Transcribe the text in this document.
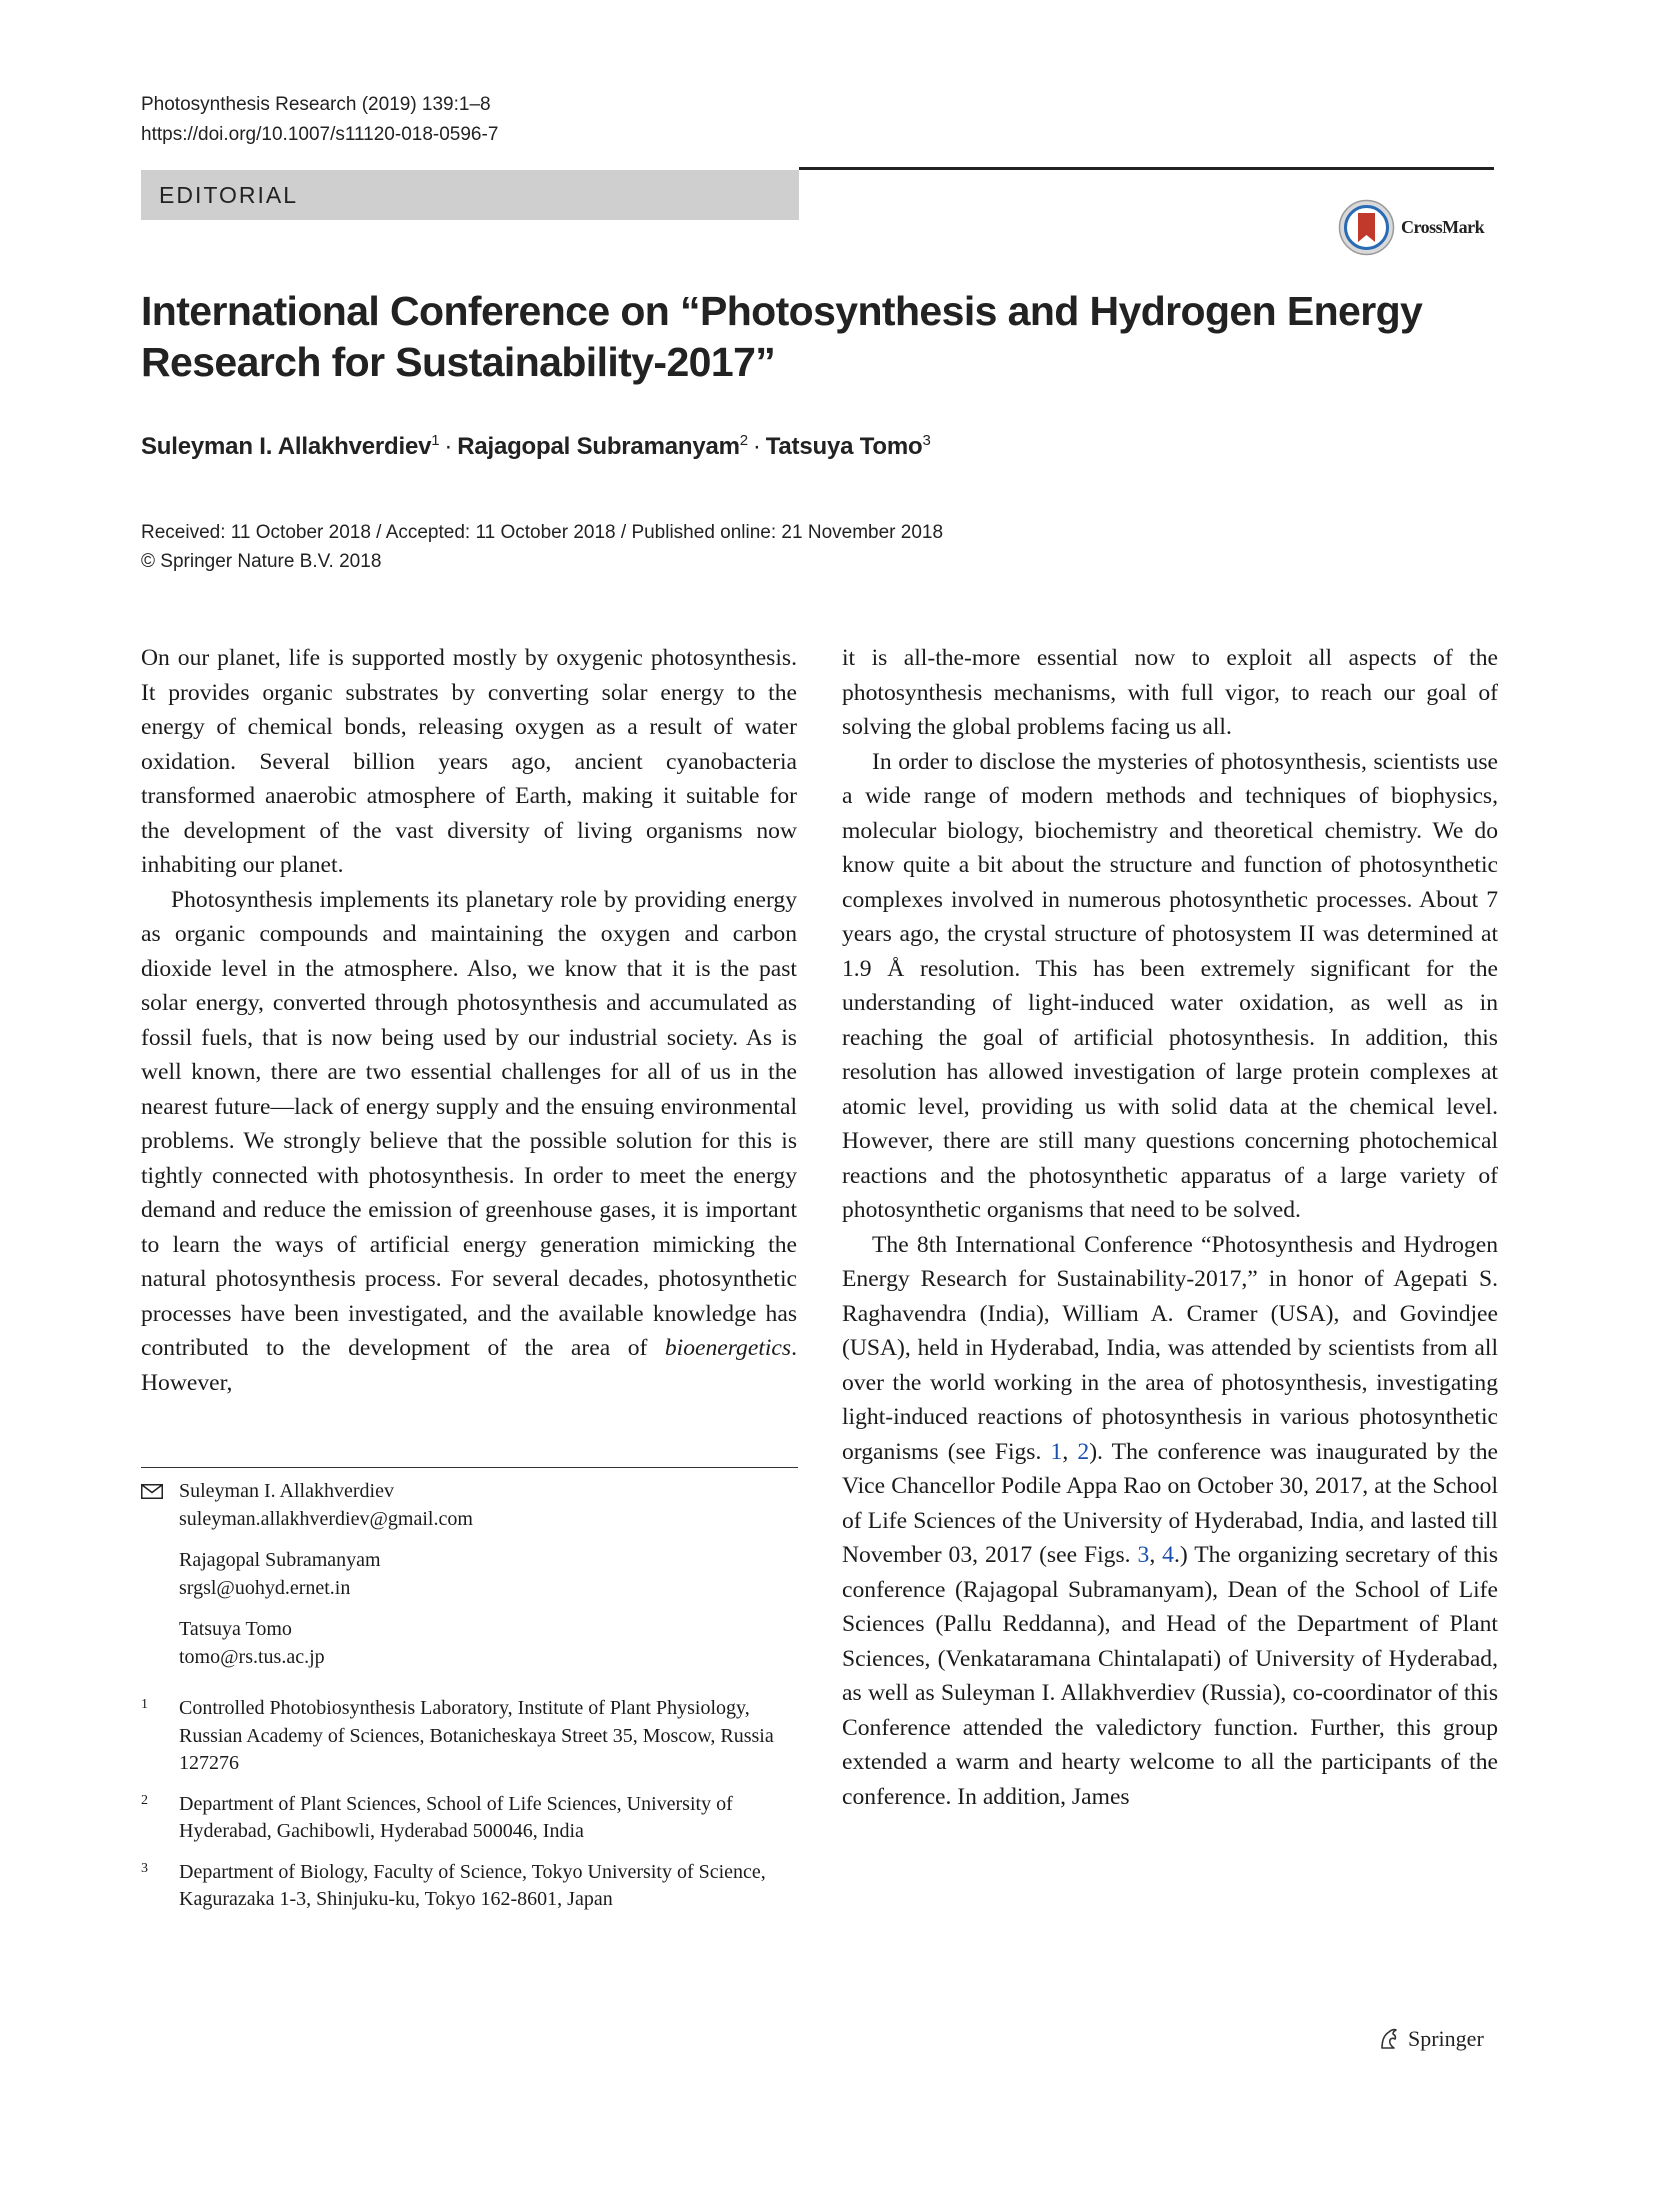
Photosynthesis Research (2019) 139:1–8
https://doi.org/10.1007/s11120-018-0596-7
EDITORIAL
CrossMark
International Conference on “Photosynthesis and Hydrogen Energy
Research for Sustainability-2017”
Suleyman I. Allakhverdiev$^1$ · Rajagopal Subramanyam$^2$ · Tatsuya Tomo$^3$
Received: 11 October 2018 / Accepted: 11 October 2018 / Published online: 21 November 2018
© Springer Nature B.V. 2018

On our planet, life is supported mostly by oxygenic photosynthesis. It provides organic substrates by converting solar energy to the energy of chemical bonds, releasing oxygen as a result of water oxidation. Several billion years ago, ancient cyanobacteria transformed anaerobic atmosphere of Earth, making it suitable for the development of the vast diversity of living organisms now inhabiting our planet.

Photosynthesis implements its planetary role by providing energy as organic compounds and maintaining the oxygen and carbon dioxide level in the atmosphere. Also, we know that it is the past solar energy, converted through photosynthesis and accumulated as fossil fuels, that is now being used by our industrial society. As is well known, there are two essential challenges for all of us in the nearest future—lack of energy supply and the ensuing environmental problems. We strongly believe that the possible solution for this is tightly connected with photosynthesis. In order to meet the energy demand and reduce the emission of greenhouse gases, it is important to learn the ways of artificial energy generation mimicking the natural photosynthesis process. For several decades, photosynthetic processes have been investigated, and the available knowledge has contributed to the development of the area of bioenergetics. However,

it is all-the-more essential now to exploit all aspects of the photosynthesis mechanisms, with full vigor, to reach our goal of solving the global problems facing us all.

In order to disclose the mysteries of photosynthesis, scientists use a wide range of modern methods and techniques of biophysics, molecular biology, biochemistry and theoretical chemistry. We do know quite a bit about the structure and function of photosynthetic complexes involved in numerous photosynthetic processes. About 7 years ago, the crystal structure of photosystem II was determined at 1.9 Å resolution. This has been extremely significant for the understanding of light-induced water oxidation, as well as in reaching the goal of artificial photosynthesis. In addition, this resolution has allowed investigation of large protein complexes at atomic level, providing us with solid data at the chemical level. However, there are still many questions concerning photochemical reactions and the photosynthetic apparatus of a large variety of photosynthetic organisms that need to be solved.

The 8th International Conference “Photosynthesis and Hydrogen Energy Research for Sustainability-2017,” in honor of Agepati S. Raghavendra (India), William A. Cramer (USA), and Govindjee (USA), held in Hyderabad, India, was attended by scientists from all over the world working in the area of photosynthesis, investigating light-induced reactions of photosynthesis in various photosynthetic organisms (see Figs. 1, 2). The conference was inaugurated by the Vice Chancellor Podile Appa Rao on October 30, 2017, at the School of Life Sciences of the University of Hyderabad, India, and lasted till November 03, 2017 (see Figs. 3, 4.) The organizing secretary of this conference (Rajagopal Subramanyam), Dean of the School of Life Sciences (Pallu Reddanna), and Head of the Department of Plant Sciences, (Venkataramana Chintalapati) of University of Hyderabad, as well as Suleyman I. Allakhverdiev (Russia), co-coordinator of this Conference attended the valedictory function. Further, this group extended a warm and hearty welcome to all the participants of the conference. In addition, James

Suleyman I. Allakhverdiev
suleyman.allakhverdiev@gmail.com
Rajagopal Subramanyam
srgsl@uohyd.ernet.in
Tatsuya Tomo
tomo@rs.tus.ac.jp
1 Controlled Photobiosynthesis Laboratory, Institute of Plant Physiology, Russian Academy of Sciences, Botanicheskaya Street 35, Moscow, Russia 127276
2 Department of Plant Sciences, School of Life Sciences, University of Hyderabad, Gachibowli, Hyderabad 500046, India
3 Department of Biology, Faculty of Science, Tokyo University of Science, Kagurazaka 1-3, Shinjuku-ku, Tokyo 162-8601, Japan
Springer
